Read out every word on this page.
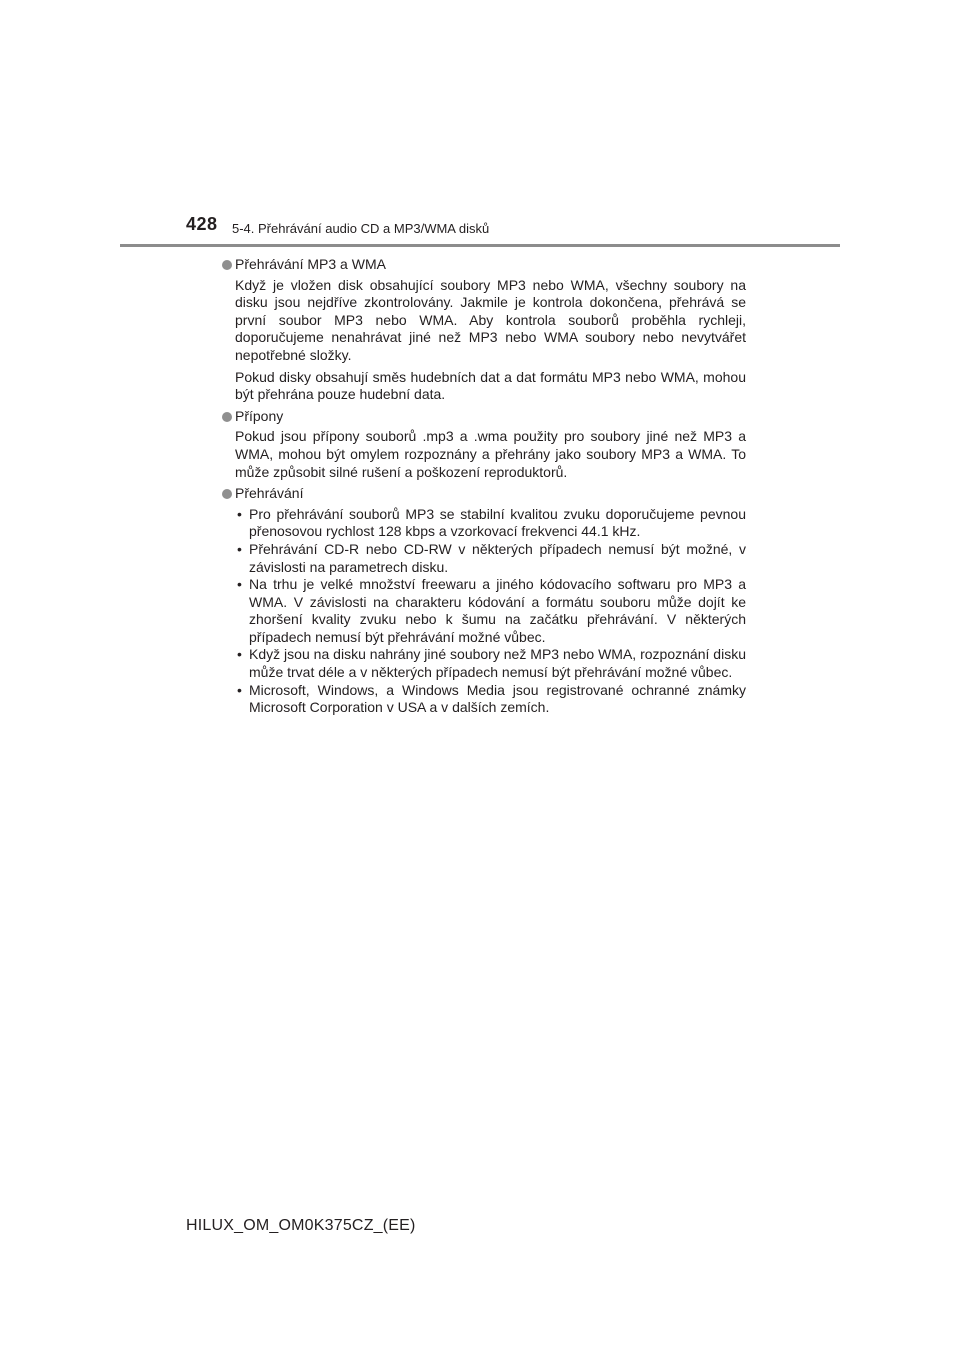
428 5-4. Přehrávání audio CD a MP3/WMA disků
Přehrávání MP3 a WMA

Když je vložen disk obsahující soubory MP3 nebo WMA, všechny soubory na disku jsou nejdříve zkontrolovány. Jakmile je kontrola dokončena, přehrává se první soubor MP3 nebo WMA. Aby kontrola souborů proběhla rychleji, doporučujeme nenahrávat jiné než MP3 nebo WMA soubory nebo nevytvářet nepotřebné složky.

Pokud disky obsahují směs hudebních dat a dat formátu MP3 nebo WMA, mohou být přehrána pouze hudební data.

Přípony

Pokud jsou přípony souborů .mp3 a .wma použity pro soubory jiné než MP3 a WMA, mohou být omylem rozpoznány a přehrány jako soubory MP3 a WMA. To může způsobit silné rušení a poškození reproduktorů.

Přehrávání
• Pro přehrávání souborů MP3 se stabilní kvalitou zvuku doporučujeme pevnou přenosovou rychlost 128 kbps a vzorkovací frekvenci 44.1 kHz.
• Přehrávání CD-R nebo CD-RW v některých případech nemusí být možné, v závislosti na parametrech disku.
• Na trhu je velké množství freewaru a jiného kódovacího softwaru pro MP3 a WMA. V závislosti na charakteru kódování a formátu souboru může dojít ke zhoršení kvality zvuku nebo k šumu na začátku přehrávání. V některých případech nemusí být přehrávání možné vůbec.
• Když jsou na disku nahrány jiné soubory než MP3 nebo WMA, rozpoznání disku může trvat déle a v některých případech nemusí být přehrávání možné vůbec.
• Microsoft, Windows, a Windows Media jsou registrované ochranné známky Microsoft Corporation v USA a v dalších zemích.
HILUX_OM_OM0K375CZ_(EE)
